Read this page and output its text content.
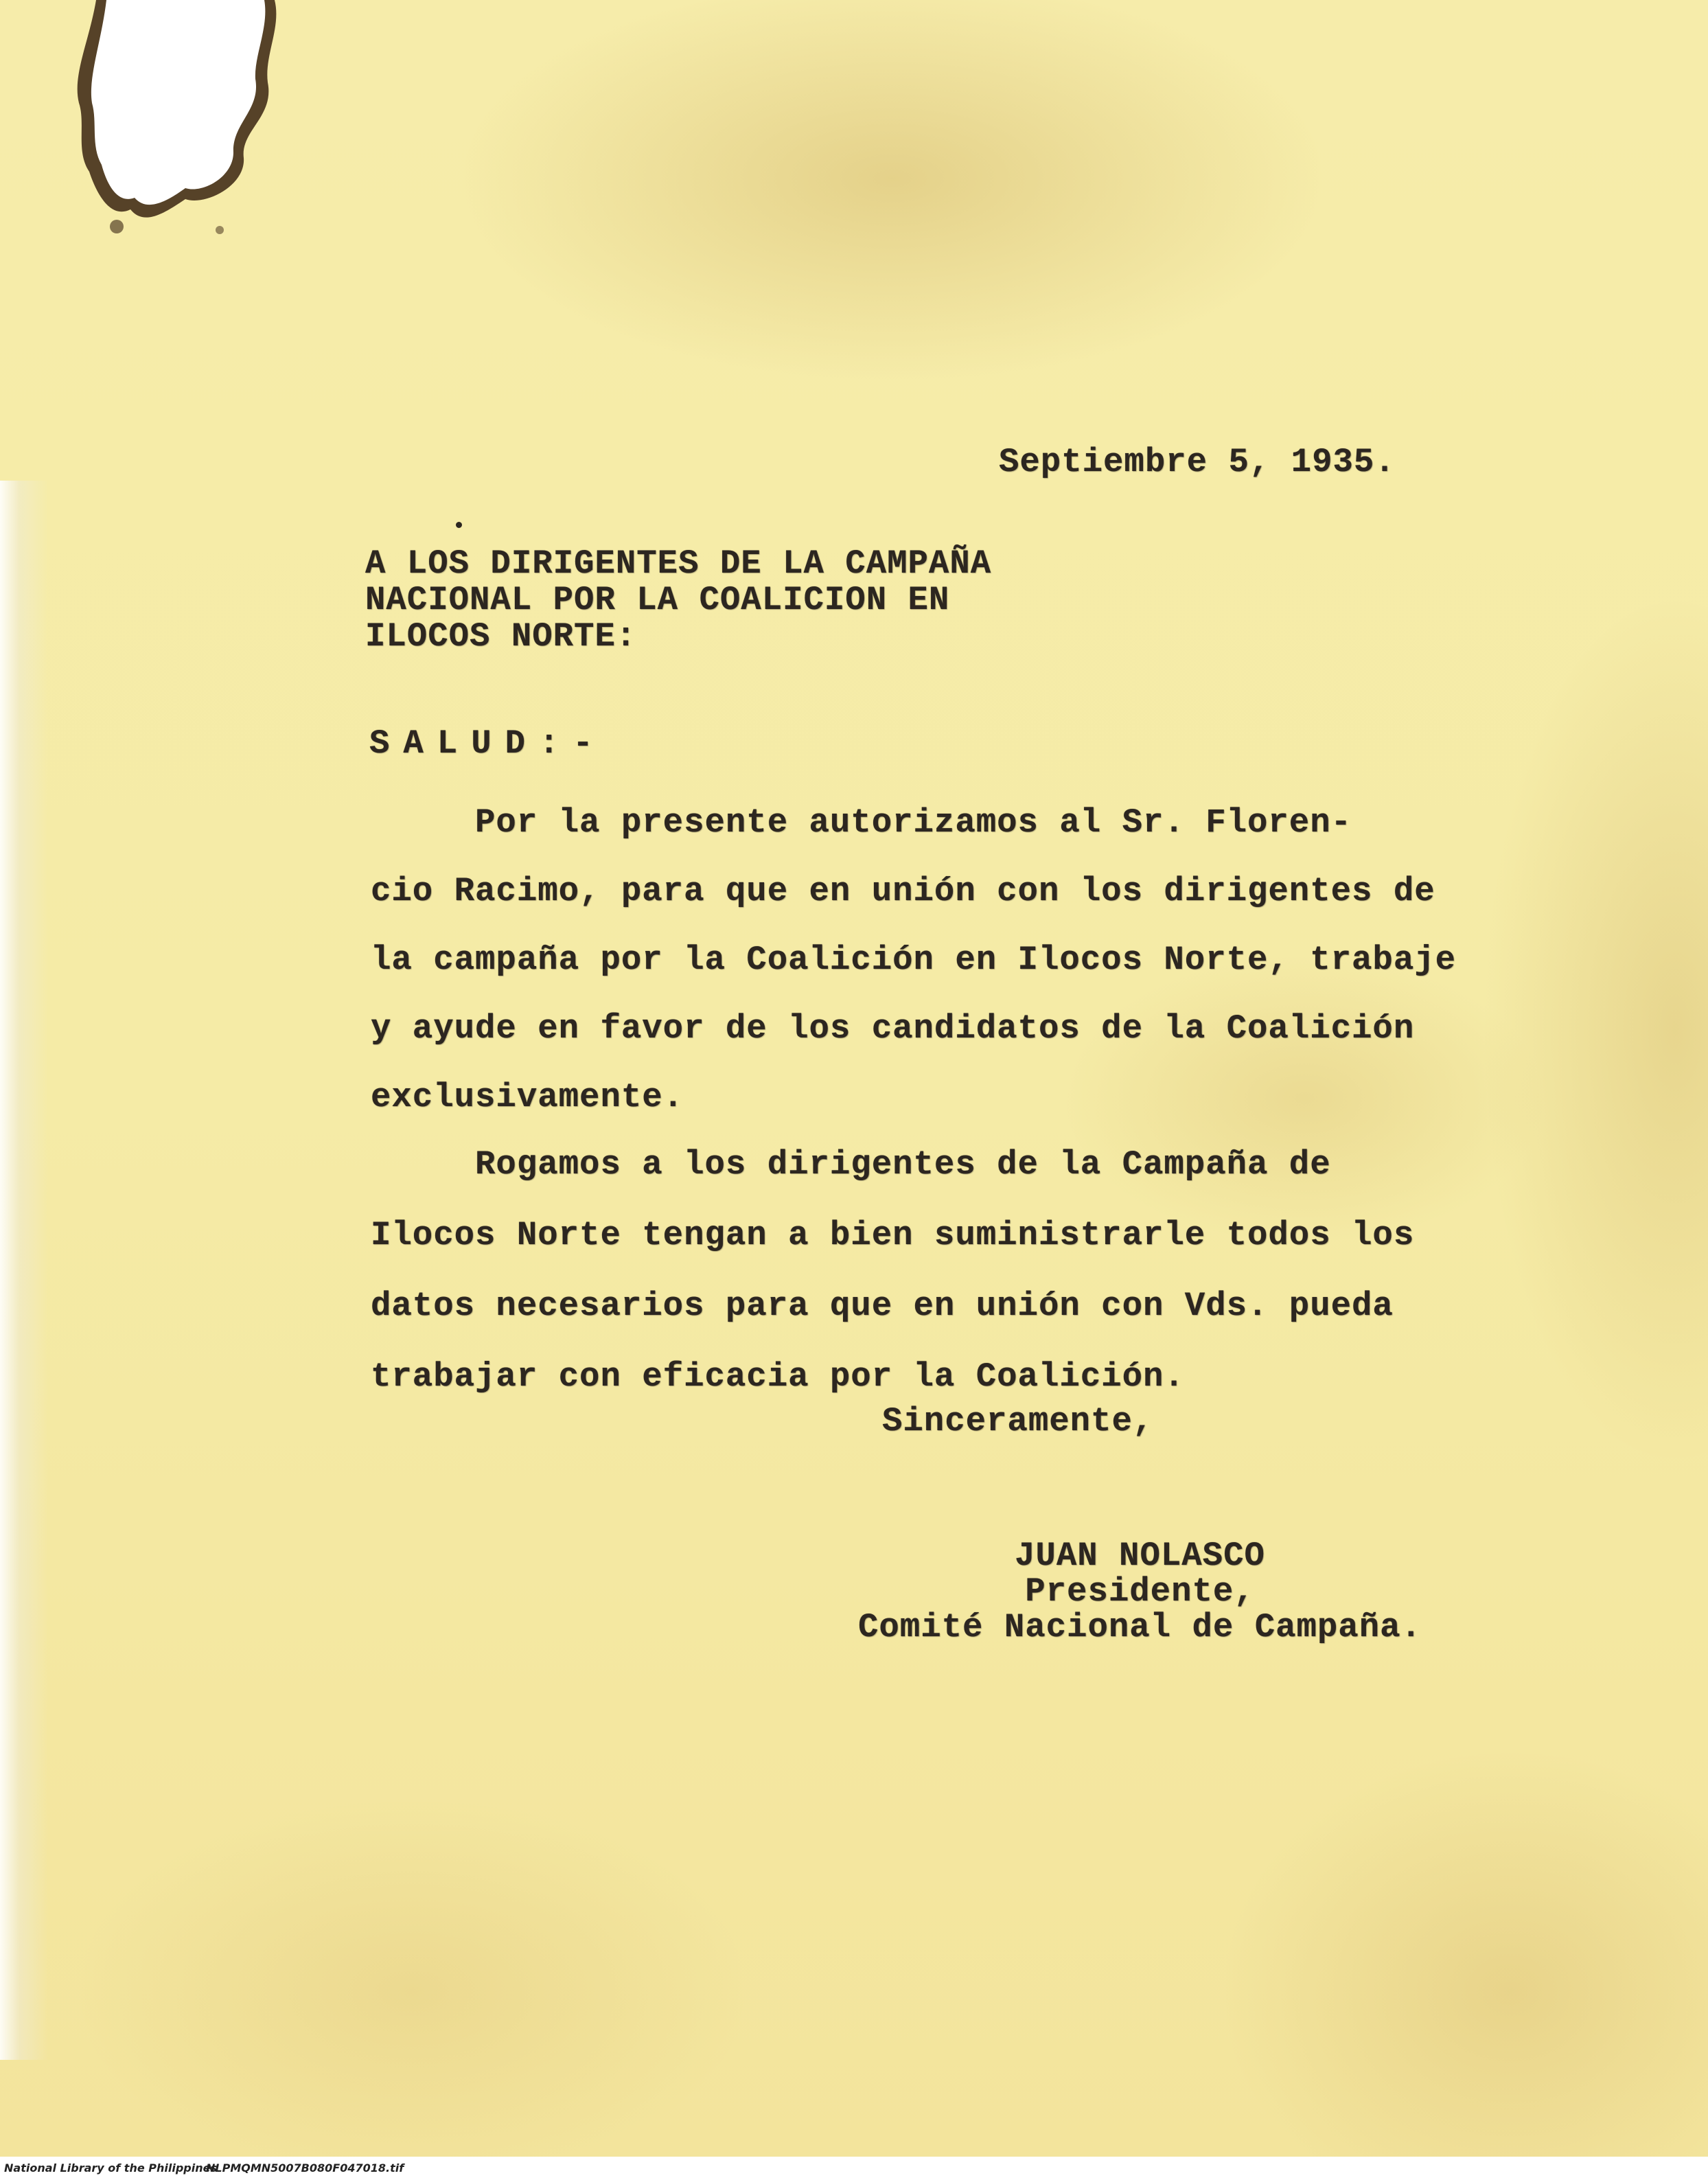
Septiembre 5, 1935.
A LOS DIRIGENTES DE LA CAMPAÑA
NACIONAL POR LA COALICION EN
ILOCOS NORTE:
SALUD:-
Por la presente autorizamos al Sr. Floren-
cio Racimo, para que en unión con los dirigentes de
la campaña por la Coalición en Ilocos Norte, trabaje
y ayude en favor de los candidatos de la Coalición
exclusivamente.
Rogamos a los dirigentes de la Campaña de
Ilocos Norte tengan a bien suministrarle todos los
datos necesarios para que en unión con Vds. pueda
trabajar con eficacia por la Coalición.
Sinceramente,
JUAN NOLASCO
Presidente,
Comité Nacional de Campaña.
National Library of the Philippines
NLPMQMN5007B080F047018.tif
